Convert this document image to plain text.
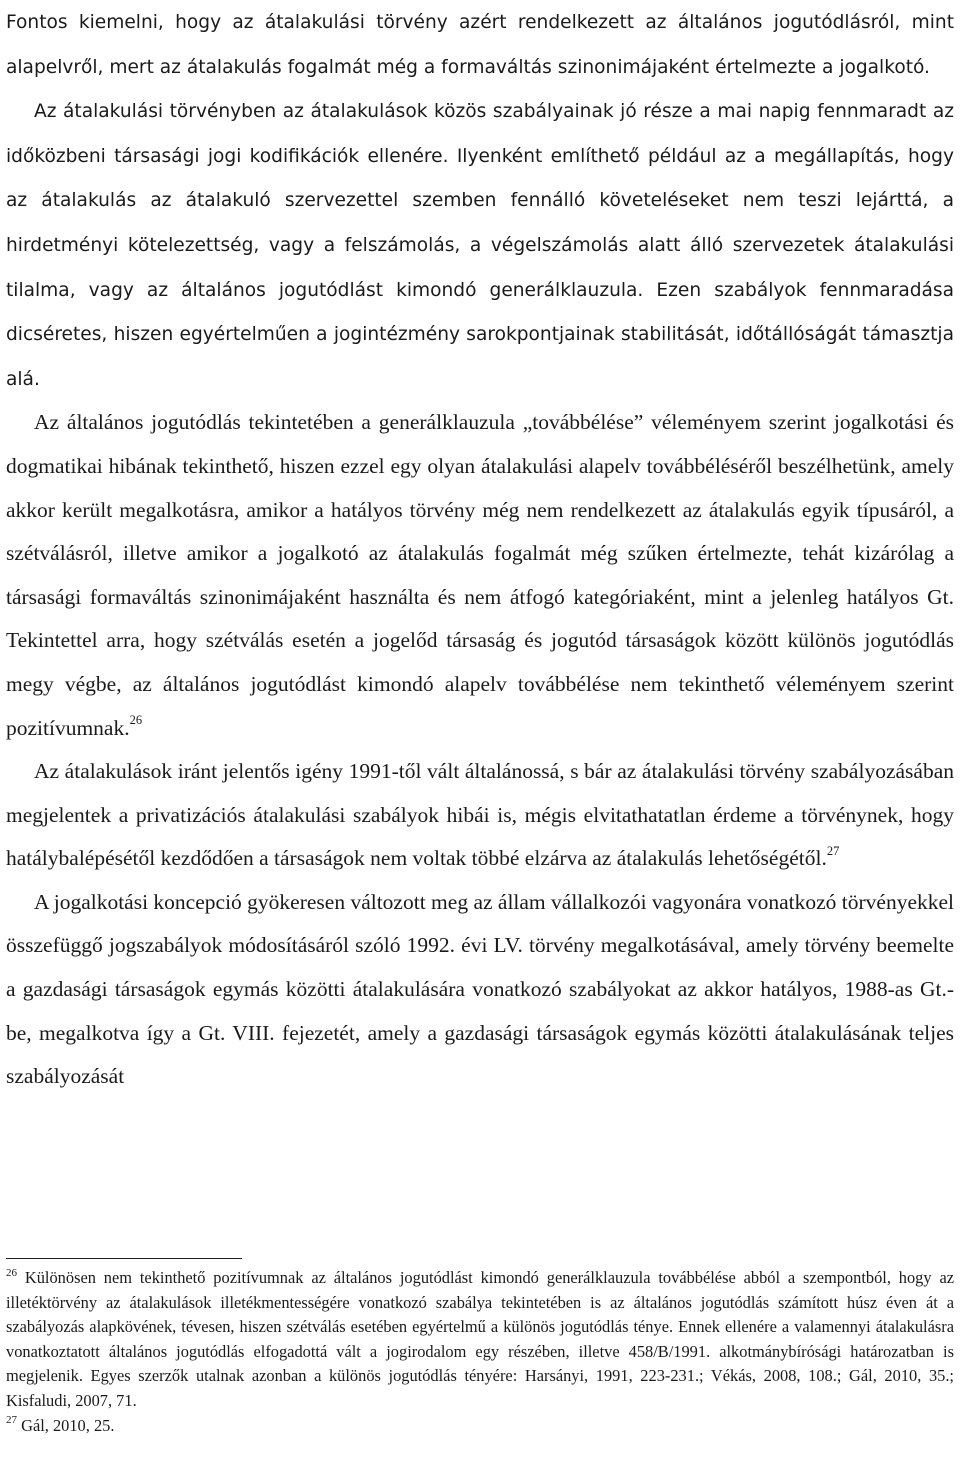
Fontos kiemelni, hogy az átalakulási törvény azért rendelkezett az általános jogutódlásról, mint alapelvről, mert az átalakulás fogalmát még a formaváltás szinonimájaként értelmezte a jogalkotó.

Az átalakulási törvényben az átalakulások közös szabályainak jó része a mai napig fennmaradt az időközbeni társasági jogi kodifikációk ellenére. Ilyenként említhető például az a megállapítás, hogy az átalakulás az átalakuló szervezettel szemben fennálló követeléseket nem teszi lejárttá, a hirdetményi kötelezettség, vagy a felszámolás, a végelszámolás alatt álló szervezetek átalakulási tilalma, vagy az általános jogutódlást kimondó generálklauzula. Ezen szabályok fennmaradása dicséretes, hiszen egyértelműen a jogintézmény sarokpontjainak stabilitását, időtállóságát támasztja alá.

Az általános jogutódlás tekintetében a generálklauzula „továbbélése” véleményem szerint jogalkotási és dogmatikai hibának tekinthető, hiszen ezzel egy olyan átalakulási alapelv továbbéléséről beszélhetünk, amely akkor került megalkotásra, amikor a hatályos törvény még nem rendelkezett az átalakulás egyik típusáról, a szétválásról, illetve amikor a jogalkotó az átalakulás fogalmát még szűken értelmezte, tehát kizárólag a társasági formaváltás szinonimájaként használta és nem átfogó kategóriaként, mint a jelenleg hatályos Gt. Tekintettel arra, hogy szétválás esetén a jogelőd társaság és jogutód társaságok között különös jogutódlás megy végbe, az általános jogutódlást kimondó alapelv továbbélése nem tekinthető véleményem szerint pozitívumnak.$^{26}$

Az átalakulások iránt jelentős igény 1991-től vált általánossá, s bár az átalakulási törvény szabályozásában megjelentek a privatizációs átalakulási szabályok hibái is, mégis elvitathatatlan érdeme a törvénynek, hogy hatálybalépésétől kezdődően a társaságok nem voltak többé elzárva az átalakulás lehetőségétől.$^{27}$

A jogalkotási koncepció gyökeresen változott meg az állam vállalkozói vagyonára vonatkozó törvényekkel összefüggő jogszabályok módosításáról szóló 1992. évi LV. törvény megalkotásával, amely törvény beemelte a gazdasági társaságok egymás közötti átalakulására vonatkozó szabályokat az akkor hatályos, 1988-as Gt.-be, megalkotva így a Gt. VIII. fejezetét, amely a gazdasági társaságok egymás közötti átalakulásának teljes szabályozását

$^{26}$ Különösen nem tekinthető pozitívumnak az általános jogutódlást kimondó generálklauzula továbbélése abból a szempontból, hogy az illetéktörvény az átalakulások illetékmentességére vonatkozó szabálya tekintetében is az általános jogutódlás számított húsz éven át a szabályozás alapkövének, tévesen, hiszen szétválás esetében egyértelmű a különös jogutódlás ténye. Ennek ellenére a valamennyi átalakulásra vonatkoztatott általános jogutódlás elfogadottá vált a jogirodalom egy részében, illetve 458/B/1991. alkotmánybírósági határozatban is megjelenik. Egyes szerzők utalnak azonban a különös jogutódlás tényére: Harsányi, 1991, 223-231.; Vékás, 2008, 108.; Gál, 2010, 35.; Kisfaludi, 2007, 71.

$^{27}$ Gál, 2010, 25.
